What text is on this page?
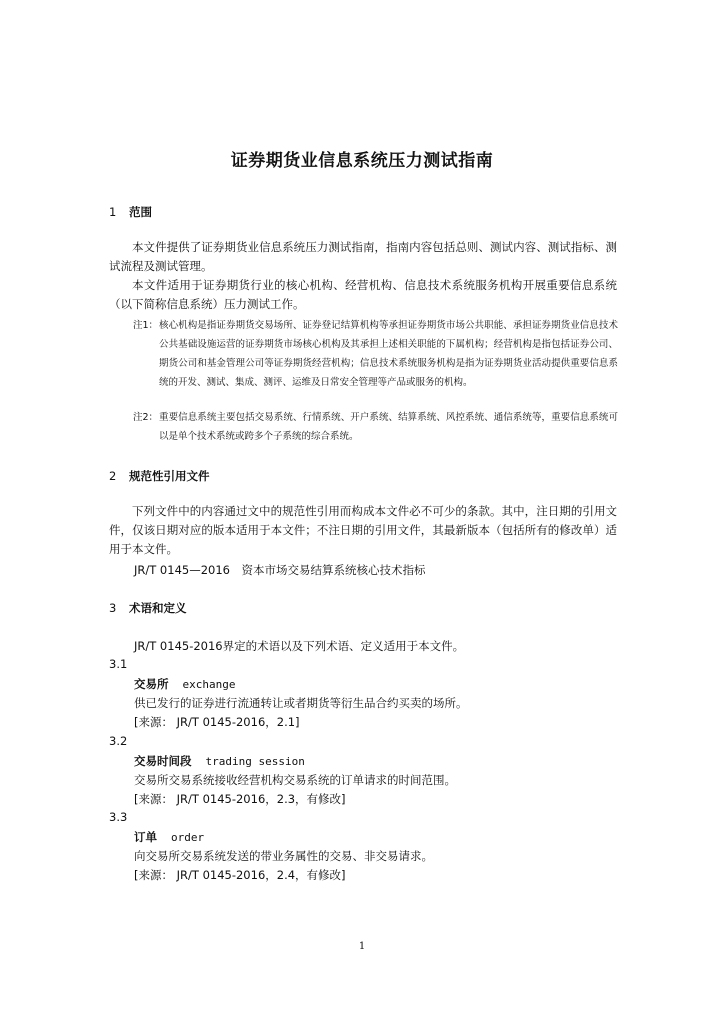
证券期货业信息系统压力测试指南
1 范围

本文件提供了证券期货业信息系统压力测试指南，指南内容包括总则、测试内容、测试指标、测试流程及测试管理。

本文件适用于证券期货行业的核心机构、经营机构、信息技术系统服务机构开展重要信息系统（以下简称信息系统）压力测试工作。

注1： 核心机构是指证券期货交易场所、证券登记结算机构等承担证券期货市场公共职能、承担证券期货业信息技术公共基础设施运营的证券期货市场核心机构及其承担上述相关职能的下属机构；经营机构是指包括证券公司、期货公司和基金管理公司等证券期货经营机构；信息技术系统服务机构是指为证券期货业活动提供重要信息系统的开发、测试、集成、测评、运维及日常安全管理等产品或服务的机构。
注2： 重要信息系统主要包括交易系统、行情系统、开户系统、结算系统、风控系统、通信系统等，重要信息系统可以是单个技术系统或跨多个子系统的综合系统。
2 规范性引用文件

下列文件中的内容通过文中的规范性引用而构成本文件必不可少的条款。其中，注日期的引用文件，仅该日期对应的版本适用于本文件；不注日期的引用文件，其最新版本（包括所有的修改单）适用于本文件。

JR/T 0145—2016　资本市场交易结算系统核心技术指标
3 术语和定义
JR/T 0145-2016界定的术语以及下列术语、定义适用于本文件。
3.1
交易所 exchange
供已发行的证券进行流通转让或者期货等衍生品合约买卖的场所。
[来源： JR/T 0145-2016，2.1]
3.2
交易时间段 trading session
交易所交易系统接收经营机构交易系统的订单请求的时间范围。
[来源： JR/T 0145-2016，2.3，有修改]
3.3
订单 order
向交易所交易系统发送的带业务属性的交易、非交易请求。
[来源： JR/T 0145-2016，2.4，有修改]
1
